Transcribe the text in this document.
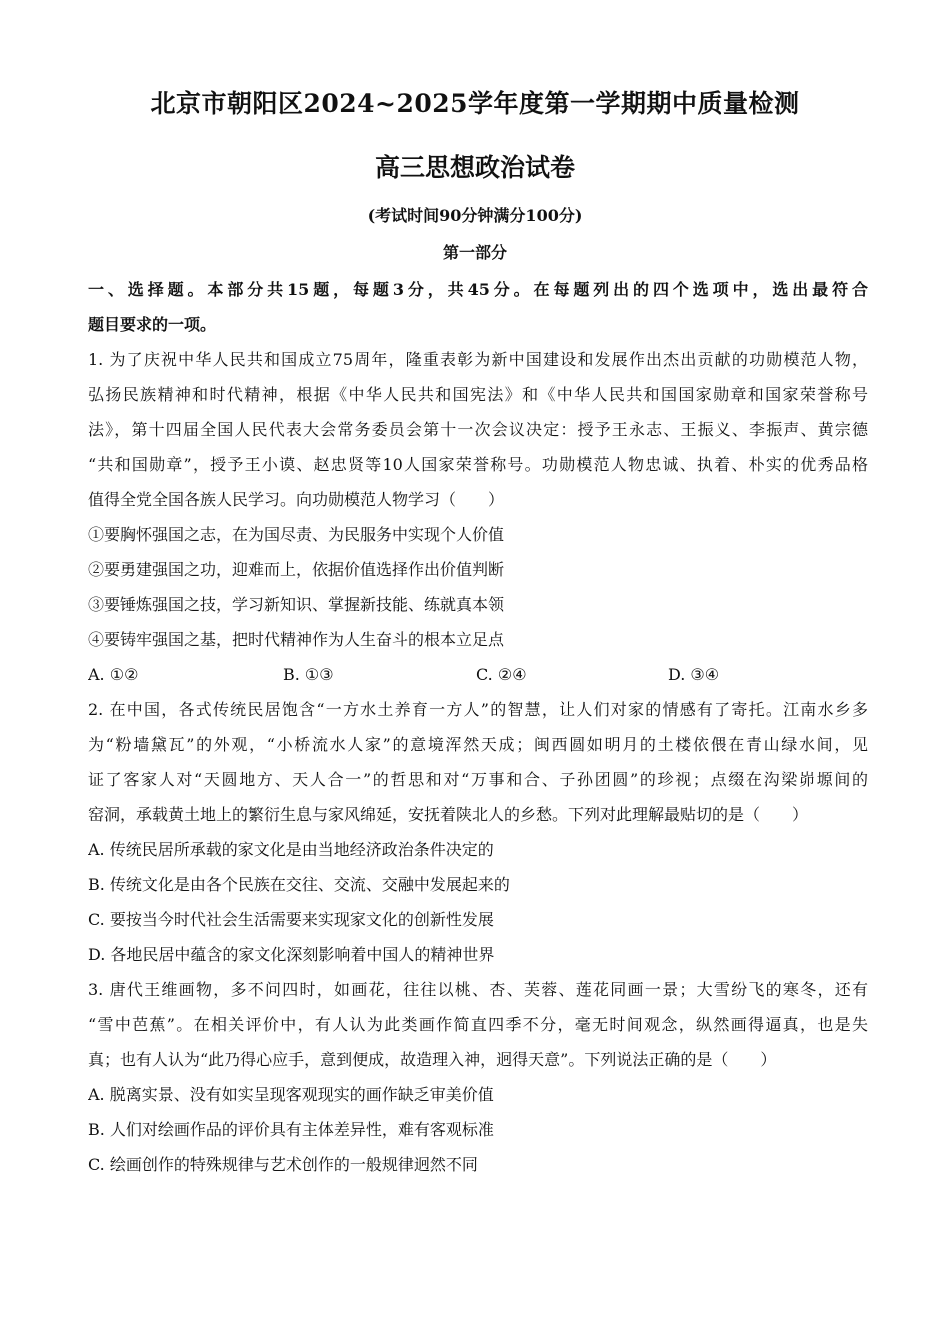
北京市朝阳区2024~2025学年度第一学期期中质量检测
高三思想政治试卷
(考试时间90分钟满分100分)
第一部分
一、选择题。本部分共15题，每题3分，共45分。在每题列出的四个选项中，选出最符合
题目要求的一项。
1. 为了庆祝中华人民共和国成立75周年，隆重表彰为新中国建设和发展作出杰出贡献的功勋模范人物，
弘扬民族精神和时代精神，根据《中华人民共和国宪法》和《中华人民共和国国家勋章和国家荣誉称号
法》，第十四届全国人民代表大会常务委员会第十一次会议决定：授予王永志、王振义、李振声、黄宗德
“共和国勋章”，授予王小谟、赵忠贤等10人国家荣誉称号。功勋模范人物忠诚、执着、朴实的优秀品格
值得全党全国各族人民学习。向功勋模范人物学习（　　）
①要胸怀强国之志，在为国尽责、为民服务中实现个人价值
②要勇建强国之功，迎难而上，依据价值选择作出价值判断
③要锤炼强国之技，学习新知识、掌握新技能、练就真本领
④要铸牢强国之基，把时代精神作为人生奋斗的根本立足点
A. ①②	B. ①③	C. ②④	D. ③④
2. 在中国，各式传统民居饱含“一方水土养育一方人”的智慧，让人们对家的情感有了寄托。江南水乡多
为“粉墙黛瓦”的外观，“小桥流水人家”的意境浑然天成；闽西圆如明月的土楼依偎在青山绿水间，见
证了客家人对“天圆地方、天人合一”的哲思和对“万事和合、子孙团圆”的珍视；点缀在沟梁峁塬间的
窑洞，承载黄土地上的繁衍生息与家风绵延，安抚着陕北人的乡愁。下列对此理解最贴切的是（　　）
A. 传统民居所承载的家文化是由当地经济政治条件决定的
B. 传统文化是由各个民族在交往、交流、交融中发展起来的
C. 要按当今时代社会生活需要来实现家文化的创新性发展
D. 各地民居中蕴含的家文化深刻影响着中国人的精神世界
3. 唐代王维画物，多不问四时，如画花，往往以桃、杏、芙蓉、莲花同画一景；大雪纷飞的寒冬，还有
“雪中芭蕉”。在相关评价中，有人认为此类画作简直四季不分，毫无时间观念，纵然画得逼真，也是失
真；也有人认为“此乃得心应手，意到便成，故造理入神，迥得天意”。下列说法正确的是（　　）
A. 脱离实景、没有如实呈现客观现实的画作缺乏审美价值
B. 人们对绘画作品的评价具有主体差异性，难有客观标准
C. 绘画创作的特殊规律与艺术创作的一般规律迥然不同
